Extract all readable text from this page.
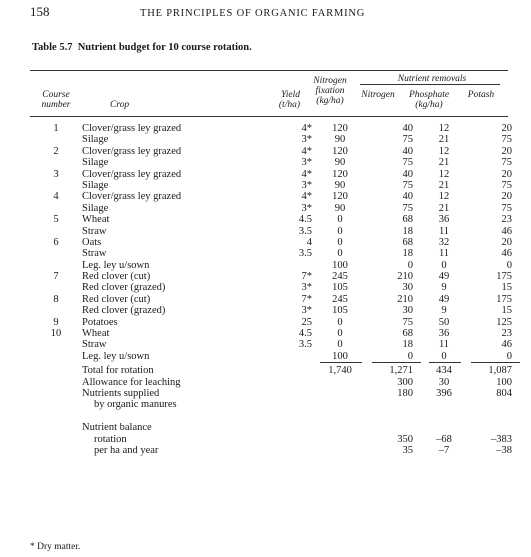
158	THE PRINCIPLES OF ORGANIC FARMING
Table 5.7 Nutrient budget for 10 course rotation.
Course
number	Crop
Yield
(t/ha)
Nitrogen
fixation
(kg/ha)
Nutrient removals
Nitrogen	Phosphate
(kg/ha)
Potash
1	Clover/grass ley grazed	4*	120	40	12	20
	Silage	3*	90	75	21	75
2	Clover/grass ley grazed	4*	120	40	12	20
	Silage	3*	90	75	21	75
3	Clover/grass ley grazed	4*	120	40	12	20
	Silage	3*	90	75	21	75
4	Clover/grass ley grazed	4*	120	40	12	20
	Silage	3*	90	75	21	75
5	Wheat	4.5	0	68	36	23
	Straw	3.5	0	18	11	46
6	Oats	4	0	68	32	20
	Straw	3.5	0	18	11	46
	Leg. ley u/sown		100	0	0	0
7	Red clover (cut)	7*	245	210	49	175
	Red clover (grazed)	3*	105	30	9	15
8	Red clover (cut)	7*	245	210	49	175
	Red clover (grazed)	3*	105	30	9	15
9	Potatoes	25	0	75	50	125
10	Wheat	4.5	0	68	36	23
	Straw	3.5	0	18	11	46
	Leg. ley u/sown		100	0	0	0
	Total for rotation		1,740	1,271	434	1,087
	Allowance for leaching			300	30	100
	Nutrients supplied			180	396	804
	by organic manures					

	Nutrient balance					
	rotation			350	–68	–383
	per ha and year			35	–7	–38
* Dry matter.
